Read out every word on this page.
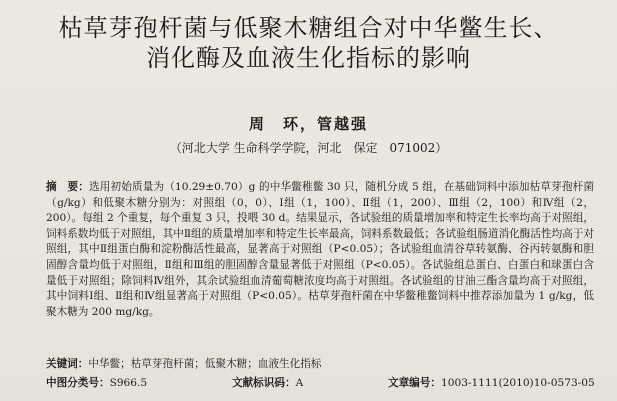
枯草芽孢杆菌与低聚木糖组合对中华鳖生长、
消化酶及血液生化指标的影响
周　环，管越强
（河北大学 生命科学学院，河北　保定　071002）
摘　要：选用初始质量为（10.29±0.70）g 的中华鳖稚鳖 30 只，随机分成 5 组，在基础饲料中添加枯草芽孢杆菌（g/kg）和低聚木糖分别为：对照组（0，0）、Ⅰ组（1，100）、Ⅱ组（1，200）、Ⅲ组（2，100）和Ⅳ组（2，200）。每组 2 个重复，每个重复 3 只，投喂 30 d。结果显示，各试验组的质量增加率和特定生长率均高于对照组，饲料系数均低于对照组，其中Ⅱ组的质量增加率和特定生长率最高，饲料系数最低；各试验组肠道消化酶活性均高于对照组，其中Ⅱ组蛋白酶和淀粉酶活性最高，显著高于对照组（P<0.05）；各试验组血清谷草转氨酶、谷丙转氨酶和胆固醇含量均低于对照组，Ⅱ组和Ⅲ组的胆固醇含量显著低于对照组（P<0.05）。各试验组总蛋白、白蛋白和球蛋白含量低于对照组；除饲料Ⅳ组外，其余试验组血清葡萄糖浓度均高于对照组。各试验组的甘油三酯含量均高于对照组，其中饲料Ⅰ组、Ⅱ组和Ⅳ组显著高于对照组（P<0.05）。枯草芽孢杆菌在中华鳖稚鳖饲料中推荐添加量为 1 g/kg，低聚木糖为 200 mg/kg。
关键词：中华鳖；枯草芽孢杆菌；低聚木糖；血液生化指标
中图分类号：S966.5	文献标识码：A	文章编号：1003-1111(2010)10-0573-05
